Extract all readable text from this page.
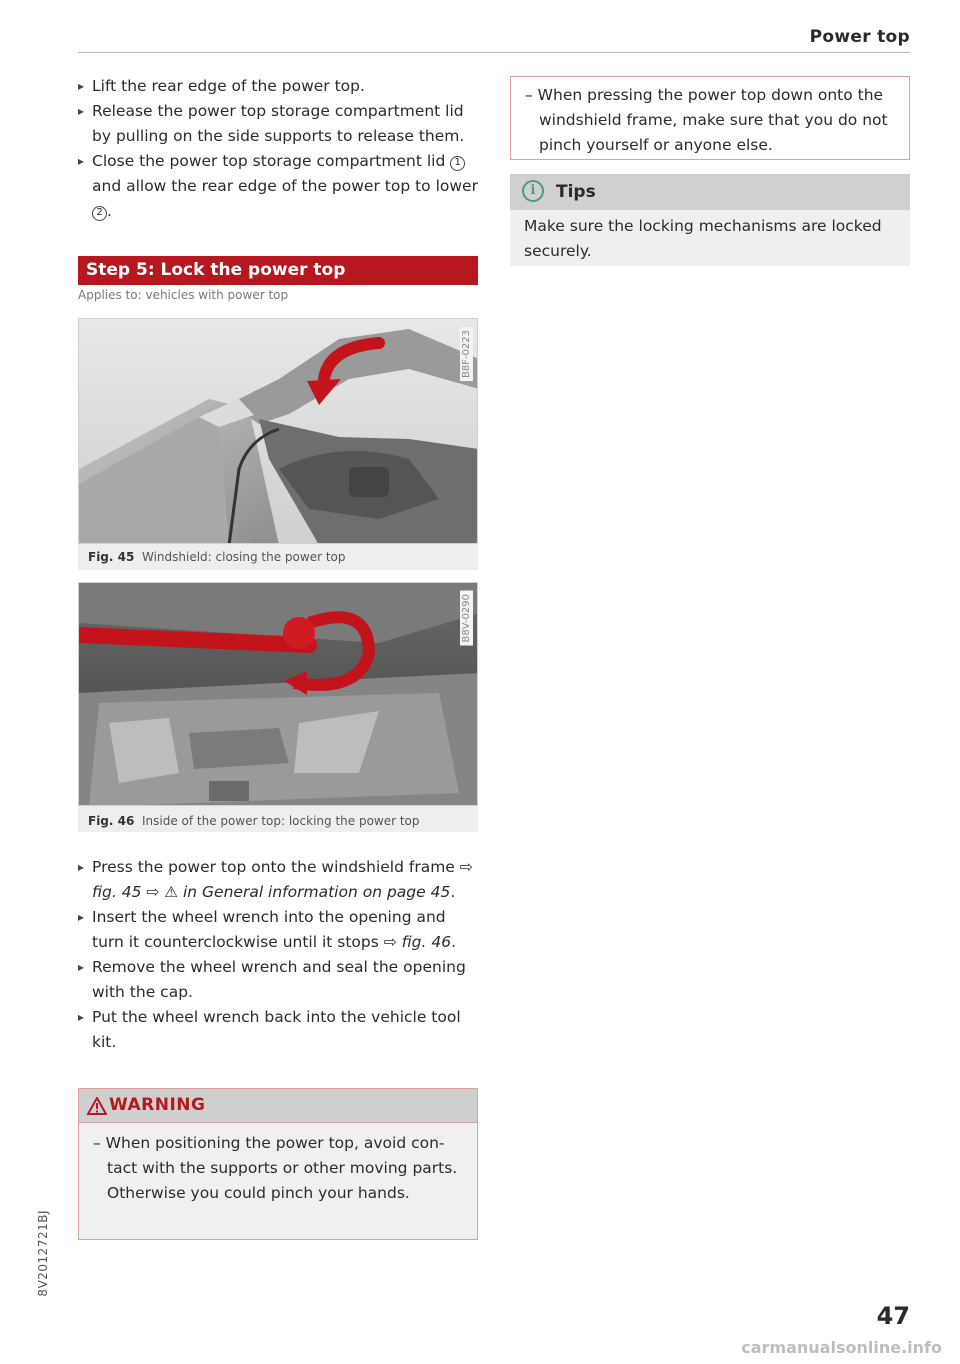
Power top
▸ Lift the rear edge of the power top.
▸ Release the power top storage compartment lid by pulling on the side supports to release them.
▸ Close the power top storage compartment lid 1 and allow the rear edge of the power top to lower 2 .
Step 5: Lock the power top
Applies to: vehicles with power top
B8F-0223
Fig. 45 Windshield: closing the power top
B8V-0290
Fig. 46 Inside of the power top: locking the power top
▸ Press the power top onto the windshield frame ⇨ fig. 45 ⇨ ⚠ in General information on page 45.
▸ Insert the wheel wrench into the opening and turn it counterclockwise until it stops ⇨ fig. 46.
▸ Remove the wheel wrench and seal the opening with the cap.
▸ Put the wheel wrench back into the vehicle tool kit.
WARNING
– When positioning the power top, avoid con-tact with the supports or other moving parts. Otherwise you could pinch your hands.
– When pressing the power top down onto the windshield frame, make sure that you do not pinch yourself or anyone else.
i	Tips
Make sure the locking mechanisms are locked securely.
8V2012721BJ
47
carmanualsonline.info
